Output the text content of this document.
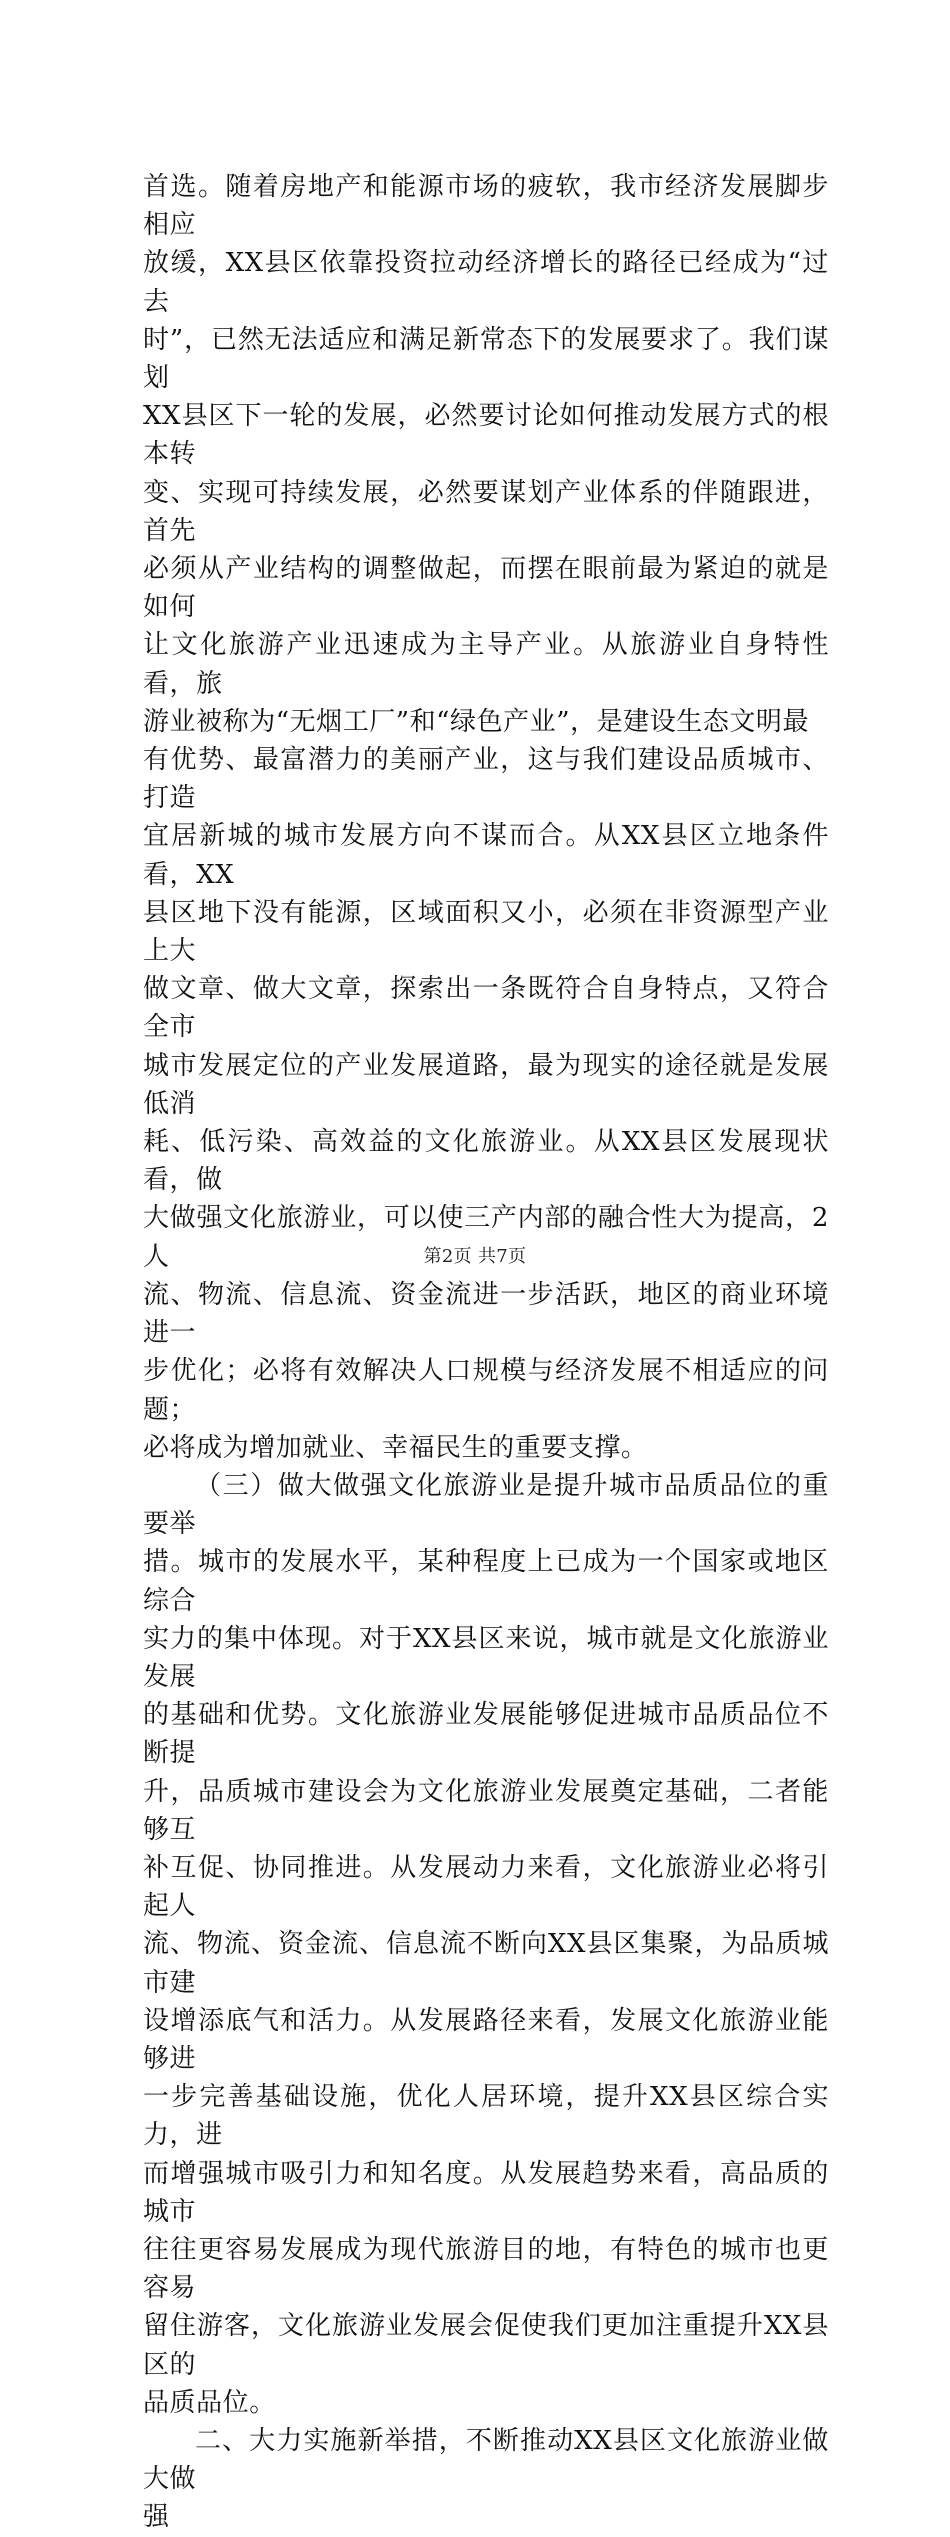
首选。随着房地产和能源市场的疲软，我市经济发展脚步相应
放缓，XX县区依靠投资拉动经济增长的路径已经成为“过去
时”，已然无法适应和满足新常态下的发展要求了。我们谋划
XX县区下一轮的发展，必然要讨论如何推动发展方式的根本转
变、实现可持续发展，必然要谋划产业体系的伴随跟进，首先
必须从产业结构的调整做起，而摆在眼前最为紧迫的就是如何
让文化旅游产业迅速成为主导产业。从旅游业自身特性看，旅
游业被称为“无烟工厂”和“绿色产业”，是建设生态文明最
有优势、最富潜力的美丽产业，这与我们建设品质城市、打造
宜居新城的城市发展方向不谋而合。从XX县区立地条件看，XX
县区地下没有能源，区域面积又小，必须在非资源型产业上大
做文章、做大文章，探索出一条既符合自身特点，又符合全市
城市发展定位的产业发展道路，最为现实的途径就是发展低消
耗、低污染、高效益的文化旅游业。从XX县区发展现状看，做
大做强文化旅游业，可以使三产内部的融合性大为提高，2人
流、物流、信息流、资金流进一步活跃，地区的商业环境进一
步优化；必将有效解决人口规模与经济发展不相适应的问题；
必将成为增加就业、幸福民生的重要支撑。

（三）做大做强文化旅游业是提升城市品质品位的重要举
措。城市的发展水平，某种程度上已成为一个国家或地区综合
实力的集中体现。对于XX县区来说，城市就是文化旅游业发展
的基础和优势。文化旅游业发展能够促进城市品质品位不断提
升，品质城市建设会为文化旅游业发展奠定基础，二者能够互
补互促、协同推进。从发展动力来看，文化旅游业必将引起人
流、物流、资金流、信息流不断向XX县区集聚，为品质城市建
设增添底气和活力。从发展路径来看，发展文化旅游业能够进
一步完善基础设施，优化人居环境，提升XX县区综合实力，进
而增强城市吸引力和知名度。从发展趋势来看，高品质的城市
往往更容易发展成为现代旅游目的地，有特色的城市也更容易
留住游客，文化旅游业发展会促使我们更加注重提升XX县区的
品质品位。

二、大力实施新举措，不断推动XX县区文化旅游业做大做
强

第2页 共7页
